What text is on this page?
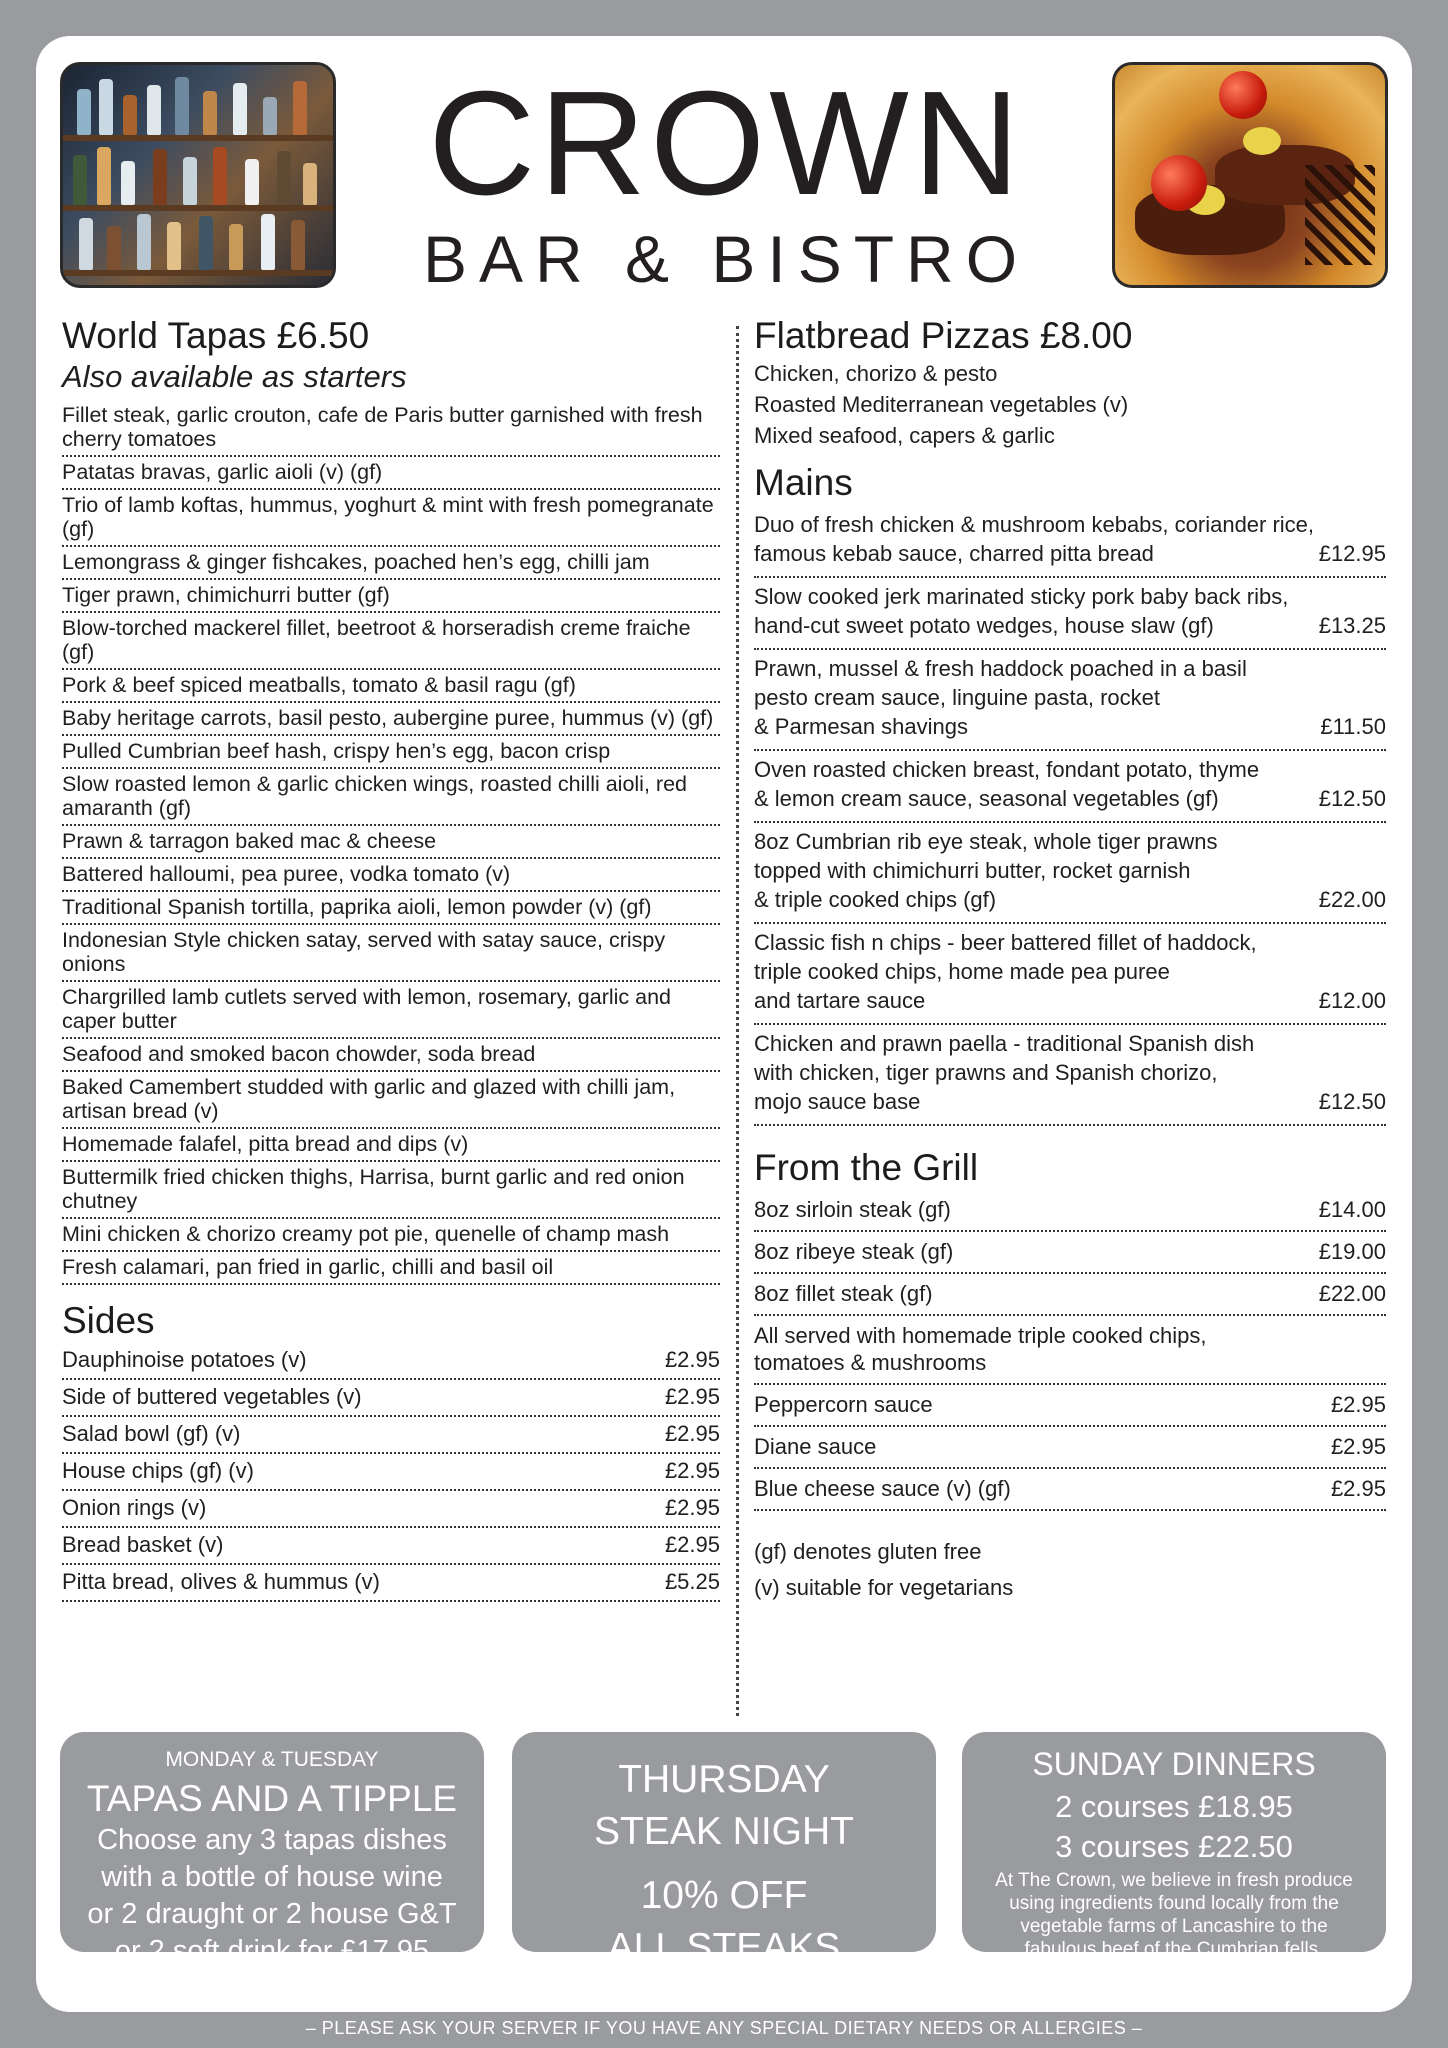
CROWN
BAR & BISTRO
World Tapas £6.50
Also available as starters
Fillet steak, garlic crouton, cafe de Paris butter garnished with fresh cherry tomatoes
Patatas bravas, garlic aioli (v) (gf)
Trio of lamb koftas, hummus, yoghurt & mint with fresh pomegranate (gf)
Lemongrass & ginger fishcakes, poached hen’s egg, chilli jam
Tiger prawn, chimichurri butter (gf)
Blow-torched mackerel fillet, beetroot & horseradish creme fraiche (gf)
Pork & beef spiced meatballs, tomato & basil ragu (gf)
Baby heritage carrots, basil pesto, aubergine puree, hummus (v) (gf)
Pulled Cumbrian beef hash, crispy hen’s egg, bacon crisp
Slow roasted lemon & garlic chicken wings, roasted chilli aioli, red amaranth (gf)
Prawn & tarragon baked mac & cheese
Battered halloumi, pea puree, vodka tomato (v)
Traditional Spanish tortilla, paprika aioli, lemon powder (v) (gf)
Indonesian Style chicken satay, served with satay sauce, crispy onions
Chargrilled lamb cutlets served with lemon, rosemary, garlic and caper butter
Seafood and smoked bacon chowder, soda bread
Baked Camembert studded with garlic and glazed with chilli jam, artisan bread (v)
Homemade falafel, pitta bread and dips (v)
Buttermilk fried chicken thighs, Harrisa, burnt garlic and red onion chutney
Mini chicken & chorizo creamy pot pie, quenelle of champ mash
Fresh calamari, pan fried in garlic, chilli and basil oil
Sides
Dauphinoise potatoes (v)	£2.95
Side of buttered vegetables (v)	£2.95
Salad bowl (gf) (v)	£2.95
House chips (gf) (v)	£2.95
Onion rings (v)	£2.95
Bread basket (v)	£2.95
Pitta bread, olives & hummus (v)	£5.25
Flatbread Pizzas £8.00
Chicken, chorizo & pesto
Roasted Mediterranean vegetables (v)
Mixed seafood, capers & garlic
Mains
Duo of fresh chicken & mushroom kebabs, coriander rice,
famous kebab sauce, charred pitta bread	£12.95
Slow cooked jerk marinated sticky pork baby back ribs,
hand-cut sweet potato wedges, house slaw (gf)	£13.25
Prawn, mussel & fresh haddock poached in a basil
pesto cream sauce, linguine pasta, rocket
& Parmesan shavings	£11.50
Oven roasted chicken breast, fondant potato, thyme
& lemon cream sauce, seasonal vegetables (gf)	£12.50
8oz Cumbrian rib eye steak, whole tiger prawns
topped with chimichurri butter, rocket garnish
& triple cooked chips (gf)	£22.00
Classic fish n chips - beer battered fillet of haddock,
triple cooked chips, home made pea puree
and tartare sauce	£12.00
Chicken and prawn paella - traditional Spanish dish
with chicken, tiger prawns and Spanish chorizo,
mojo sauce base	£12.50
From the Grill
8oz sirloin steak (gf)	£14.00
8oz ribeye steak (gf)	£19.00
8oz fillet steak (gf)	£22.00
All served with homemade triple cooked chips,
tomatoes & mushrooms
Peppercorn sauce	£2.95
Diane sauce	£2.95
Blue cheese sauce (v) (gf)	£2.95
(gf) denotes gluten free
(v) suitable for vegetarians
MONDAY & TUESDAY
TAPAS AND A TIPPLE
Choose any 3 tapas dishes
with a bottle of house wine
or 2 draught or 2 house G&T
or 2 soft drink for £17.95
THURSDAY
STEAK NIGHT
10% OFF
ALL STEAKS
SUNDAY DINNERS
2 courses £18.95
3 courses £22.50
At The Crown, we believe in fresh produce
using ingredients found locally from the
vegetable farms of Lancashire to the
fabulous beef of the Cumbrian fells.
– PLEASE ASK YOUR SERVER IF YOU HAVE ANY SPECIAL DIETARY NEEDS OR ALLERGIES –
